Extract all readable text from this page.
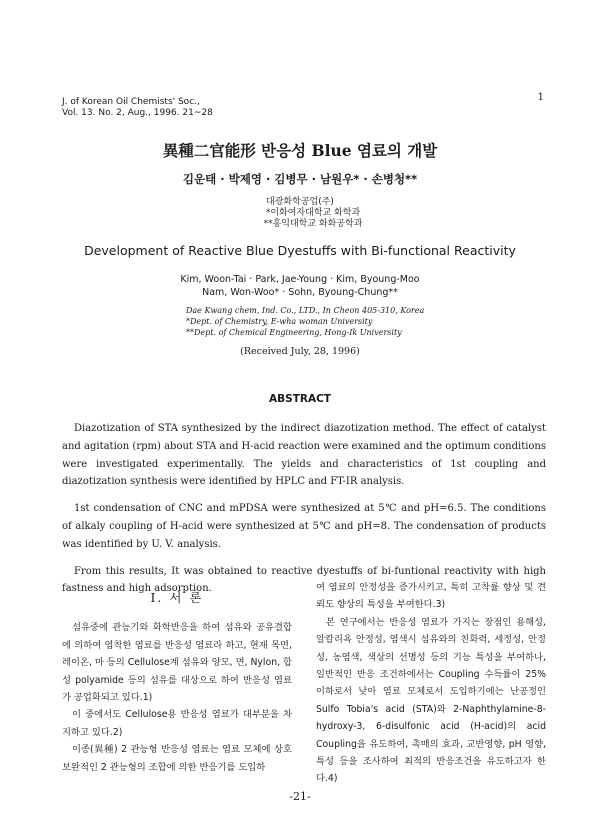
1
J. of Korean Oil Chemists' Soc.,
Vol. 13. No. 2, Aug., 1996. 21~28
異種二官能形 반응성 Blue 염료의 개발
김운태 · 박제영 · 김병무 · 남원우* · 손병청**
대광화학공업(주)
*이화여자대학교 화학과
**홍익대학교 화화공학과
Development of Reactive Blue Dyestuffs with Bi-functional Reactivity
Kim, Woon-Tai · Park, Jae-Young · Kim, Byoung-Moo
Nam, Won-Woo* · Sohn, Byoung-Chung**
Dae Kwang chem, Ind. Co., LTD., In Cheon 405-310, Korea
*Dept. of Chemistry, E-wha woman University
**Dept. of Chemical Engineering, Hong-Ik University
(Received July, 28, 1996)
ABSTRACT

Diazotization of STA synthesized by the indirect diazotization method. The effect of catalyst and agitation (rpm) about STA and H-acid reaction were examined and the optimum conditions were investigated experimentally. The yields and characteristics of 1st coupling and diazotization synthesis were identified by HPLC and FT-IR analysis.

1st condensation of CNC and mPDSA were synthesized at 5℃ and pH=6.5. The conditions of alkaly coupling of H-acid were synthesized at 5℃ and pH=8. The condensation of products was identified by U. V. analysis.

From this results, It was obtained to reactive dyestuffs of bi-funtional reactivity with high fastness and high adsorption.

I. 서 론

섬유중에 관능기와 화학반응을 하여 섬유와 공유결합에 의하여 염착한 염료를 반응성 염료라 하고, 현재 목면, 레이온, 마 등의 Cellulose계 섬유와 양모, 면, Nylon, 합성 polyamide 등의 섬유를 대상으로 하여 반응성 염료가 공업화되고 있다.1)

이 중에서도 Cellulose용 반응성 염료가 대부분을 차지하고 있다.2)

이종(異種) 2 관능형 반응성 염료는 염료 모체에 상호 보완적인 2 관능형의 조합에 의한 반응기를 도입하

여 염료의 안정성을 증가시키고, 특히 고착률 향상 및 견뢰도 향상의 특성을 부여한다.3)

본 연구에서는 반응성 염료가 가지는 장점인 용해성, 알칼리욕 안정성, 염색시 섬유와의 친화력, 세정성, 안정성, 농염색, 색상의 선명성 등의 기능 특성을 부여하나, 일반적인 반응 조건하에서는 Coupling 수득률이 25% 이하로서 낮아 염료 모체로서 도입하기에는 난공정인 Sulfo Tobia's acid (STA)와 2-Naphthylamine-8-hydroxy-3, 6-disulfonic acid (H-acid)의 acid Coupling을 유도하여, 촉매의 효과, 교반영향, pH 영향, 특성 등을 조사하여 최적의 반응조건을 유도하고자 한다.4)

-21-
